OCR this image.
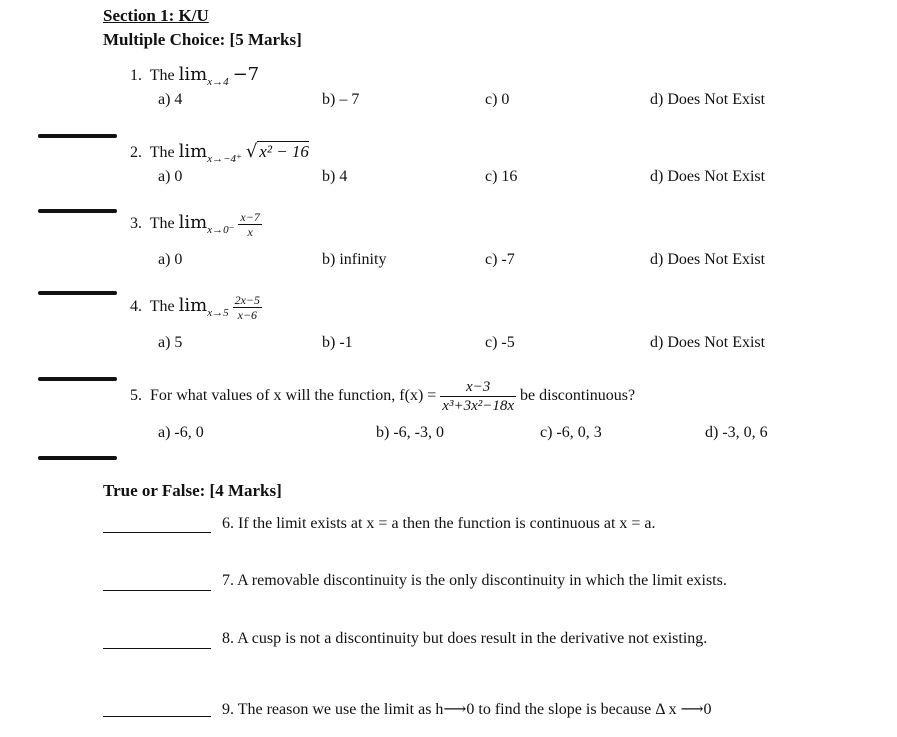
Section 1: K/U
Multiple Choice: [5 Marks]
1. The $\lim_{x\to 4} -7$
a) 4	b) – 7	c) 0	d) Does Not Exist
2. The $\lim_{x\to-4^+}$ √ x² − 16
a) 0	b) 4	c) 16	d) Does Not Exist
3. The $\lim_{x\to 0^-} \frac{x-7}{x}$
a) 0	b) infinity	c) -7	d) Does Not Exist
4. The $\lim_{x\to 5} \frac{2x-5}{x-6}$
a) 5	b) -1	c) -5	d) Does Not Exist
5. For what values of x will the function, $f(x) = \frac{x-3}{\text{x³+3x²−18x}}$ be discontinuous?
a) -6, 0	b) -6, -3, 0	c) -6, 0, 3	d) -3, 0, 6
True or False: [4 Marks]
6. If the limit exists at x = a then the function is continuous at x = a.
7. A removable discontinuity is the only discontinuity in which the limit exists.
8. A cusp is not a discontinuity but does result in the derivative not existing.
9. The reason we use the limit as h⟶0 to find the slope is because Δ x ⟶0
